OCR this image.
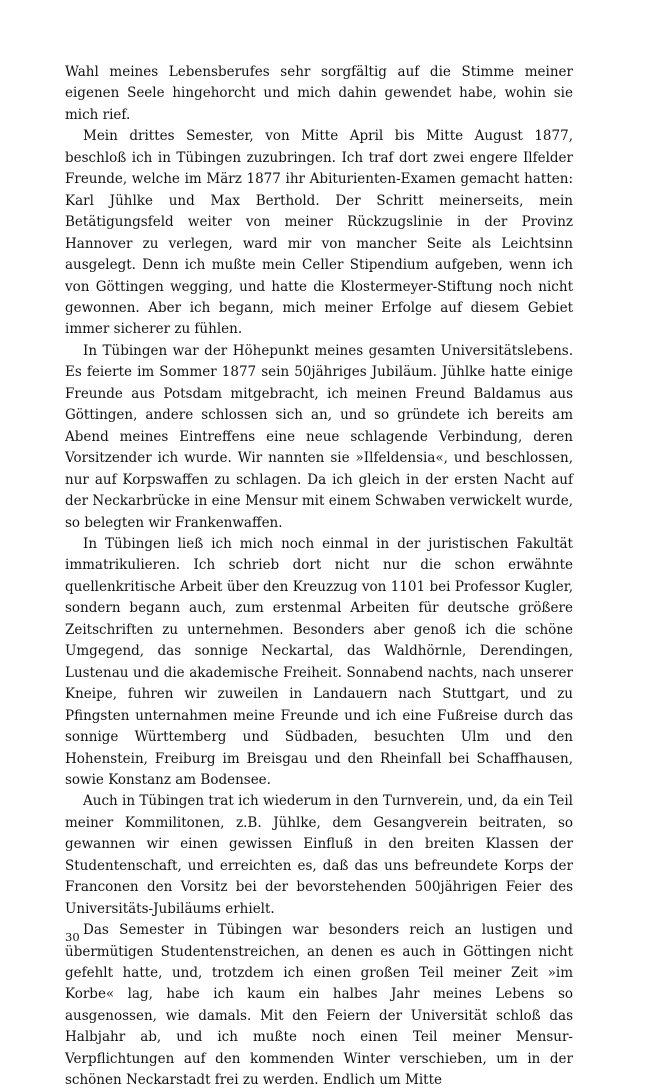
Wahl meines Lebensberufes sehr sorgfältig auf die Stimme meiner eigenen Seele hingehorcht und mich dahin gewendet habe, wohin sie mich rief.

Mein drittes Semester, von Mitte April bis Mitte August 1877, beschloß ich in Tübingen zuzubringen. Ich traf dort zwei engere Ilfelder Freunde, welche im März 1877 ihr Abiturienten-Examen gemacht hatten: Karl Jühlke und Max Berthold. Der Schritt meinerseits, mein Betätigungsfeld weiter von meiner Rückzugslinie in der Provinz Hannover zu verlegen, ward mir von mancher Seite als Leichtsinn ausgelegt. Denn ich mußte mein Celler Stipendium aufgeben, wenn ich von Göttingen wegging, und hatte die Klostermeyer-Stiftung noch nicht gewonnen. Aber ich begann, mich meiner Erfolge auf diesem Gebiet immer sicherer zu fühlen.

In Tübingen war der Höhepunkt meines gesamten Universitätslebens. Es feierte im Sommer 1877 sein 50jähriges Jubiläum. Jühlke hatte einige Freunde aus Potsdam mitgebracht, ich meinen Freund Baldamus aus Göttingen, andere schlossen sich an, und so gründete ich bereits am Abend meines Eintreffens eine neue schlagende Verbindung, deren Vorsitzender ich wurde. Wir nannten sie »Ilfeldensia«, und beschlossen, nur auf Korpswaffen zu schlagen. Da ich gleich in der ersten Nacht auf der Neckarbrücke in eine Mensur mit einem Schwaben verwickelt wurde, so belegten wir Frankenwaffen.

In Tübingen ließ ich mich noch einmal in der juristischen Fakultät immatrikulieren. Ich schrieb dort nicht nur die schon erwähnte quellenkritische Arbeit über den Kreuzzug von 1101 bei Professor Kugler, sondern begann auch, zum erstenmal Arbeiten für deutsche größere Zeitschriften zu unternehmen. Besonders aber genoß ich die schöne Umgegend, das sonnige Neckartal, das Waldhörnle, Derendingen, Lustenau und die akademische Freiheit. Sonnabend nachts, nach unserer Kneipe, fuhren wir zuweilen in Landauern nach Stuttgart, und zu Pfingsten unternahmen meine Freunde und ich eine Fußreise durch das sonnige Württemberg und Südbaden, besuchten Ulm und den Hohenstein, Freiburg im Breisgau und den Rheinfall bei Schaffhausen, sowie Konstanz am Bodensee.

Auch in Tübingen trat ich wiederum in den Turnverein, und, da ein Teil meiner Kommilitonen, z.B. Jühlke, dem Gesangverein beitraten, so gewannen wir einen gewissen Einfluß in den breiten Klassen der Studentenschaft, und erreichten es, daß das uns befreundete Korps der Franconen den Vorsitz bei der bevorstehenden 500jährigen Feier des Universitäts-Jubiläums erhielt.

Das Semester in Tübingen war besonders reich an lustigen und übermütigen Studentenstreichen, an denen es auch in Göttingen nicht gefehlt hatte, und, trotzdem ich einen großen Teil meiner Zeit »im Korbe« lag, habe ich kaum ein halbes Jahr meines Lebens so ausgenossen, wie damals. Mit den Feiern der Universität schloß das Halbjahr ab, und ich mußte noch einen Teil meiner Mensur-Verpflichtungen auf den kommenden Winter verschieben, um in der schönen Neckarstadt frei zu werden. Endlich um Mitte

30
